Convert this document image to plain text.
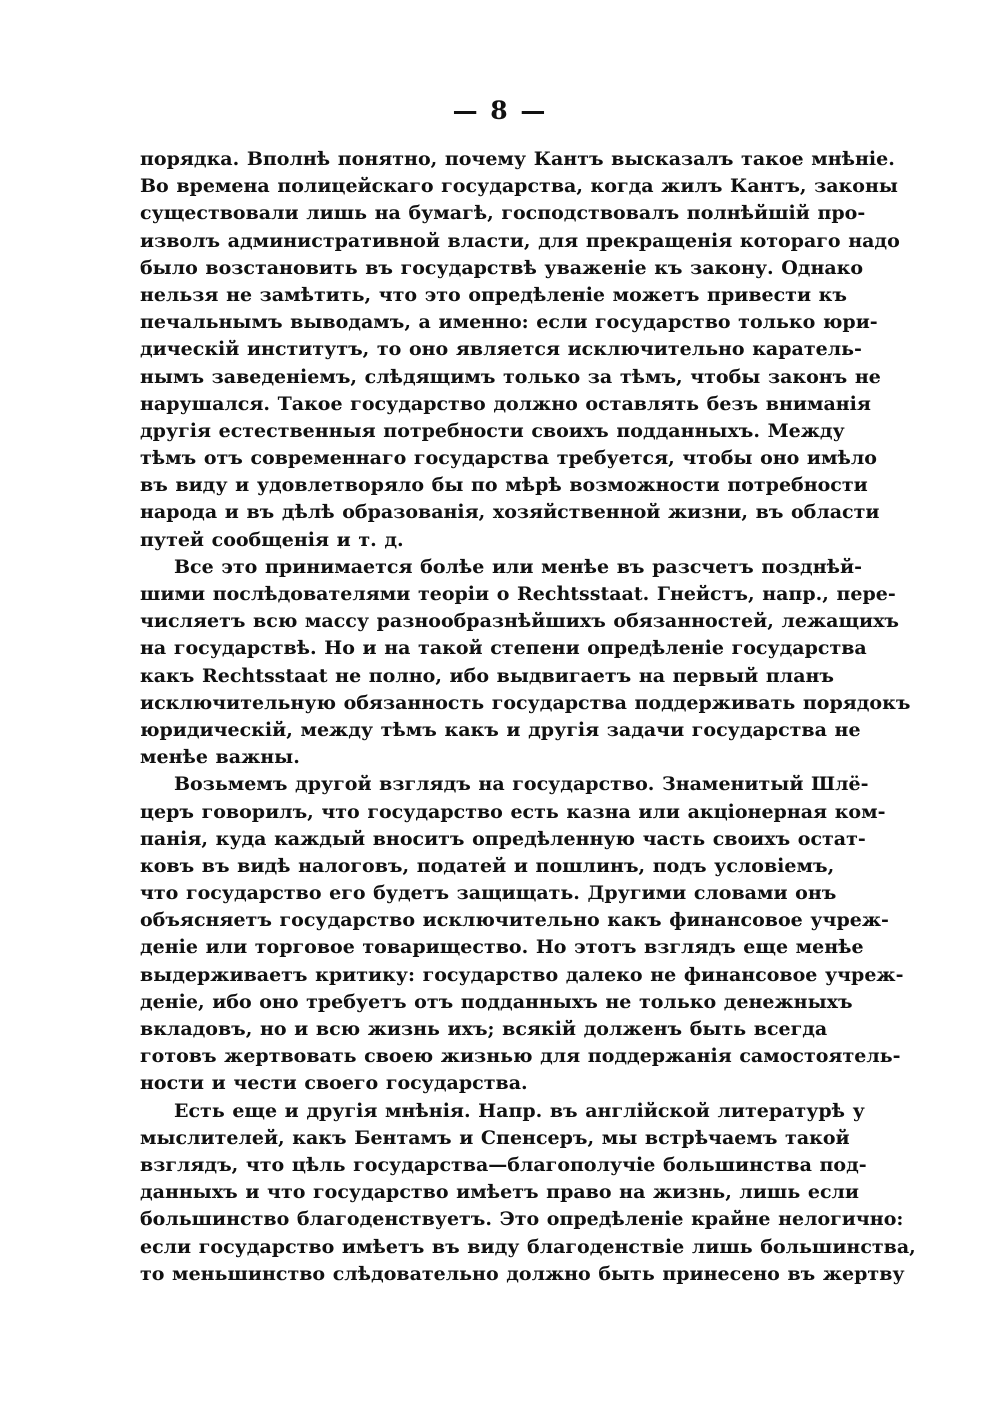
— 8 —
порядка. Вполнѣ понятно, почему Кантъ высказалъ такое мнѣніе.
Во времена полицейскаго государства, когда жилъ Кантъ, законы
существовали лишь на бумагѣ, господствовалъ полнѣйшій про-
изволъ административной власти, для прекращенія котораго надо
было возстановить въ государствѣ уваженіе къ закону. Однако
нельзя не замѣтить, что это опредѣленіе можетъ привести къ
печальнымъ выводамъ, а именно: если государство только юри-
дическій институтъ, то оно является исключительно каратель-
нымъ заведеніемъ, слѣдящимъ только за тѣмъ, чтобы законъ не
нарушался. Такое государство должно оставлять безъ вниманія
другія естественныя потребности своихъ подданныхъ. Между
тѣмъ отъ современнаго государства требуется, чтобы оно имѣло
въ виду и удовлетворяло бы по мѣрѣ возможности потребности
народа и въ дѣлѣ образованія, хозяйственной жизни, въ области
путей сообщенія и т. д.
Все это принимается болѣе или менѣе въ разсчетъ позднѣй-
шими послѣдователями теоріи о Rechtsstaat. Гнейстъ, напр., пере-
числяетъ всю массу разнообразнѣйшихъ обязанностей, лежащихъ
на государствѣ. Но и на такой степени опредѣленіе государства
какъ Rechtsstaat не полно, ибо выдвигаетъ на первый планъ
исключительную обязанность государства поддерживать порядокъ
юридическій, между тѣмъ какъ и другія задачи государства не
менѣе важны.
Возьмемъ другой взглядъ на государство. Знаменитый Шлё-
церъ говорилъ, что государство есть казна или акціонерная ком-
панія, куда каждый вноситъ опредѣленную часть своихъ остат-
ковъ въ видѣ налоговъ, податей и пошлинъ, подъ условіемъ,
что государство его будетъ защищать. Другими словами онъ
объясняетъ государство исключительно какъ финансовое учреж-
деніе или торговое товарищество. Но этотъ взглядъ еще менѣе
выдерживаетъ критику: государство далеко не финансовое учреж-
деніе, ибо оно требуетъ отъ подданныхъ не только денежныхъ
вкладовъ, но и всю жизнь ихъ; всякій долженъ быть всегда
готовъ жертвовать своею жизнью для поддержанія самостоятель-
ности и чести своего государства.
Есть еще и другія мнѣнія. Напр. въ англійской литературѣ у
мыслителей, какъ Бентамъ и Спенсеръ, мы встрѣчаемъ такой
взглядъ, что цѣль государства—благополучіе большинства под-
данныхъ и что государство имѣетъ право на жизнь, лишь если
большинство благоденствуетъ. Это опредѣленіе крайне нелогично:
если государство имѣетъ въ виду благоденствіе лишь большинства,
то меньшинство слѣдовательно должно быть принесено въ жертву
